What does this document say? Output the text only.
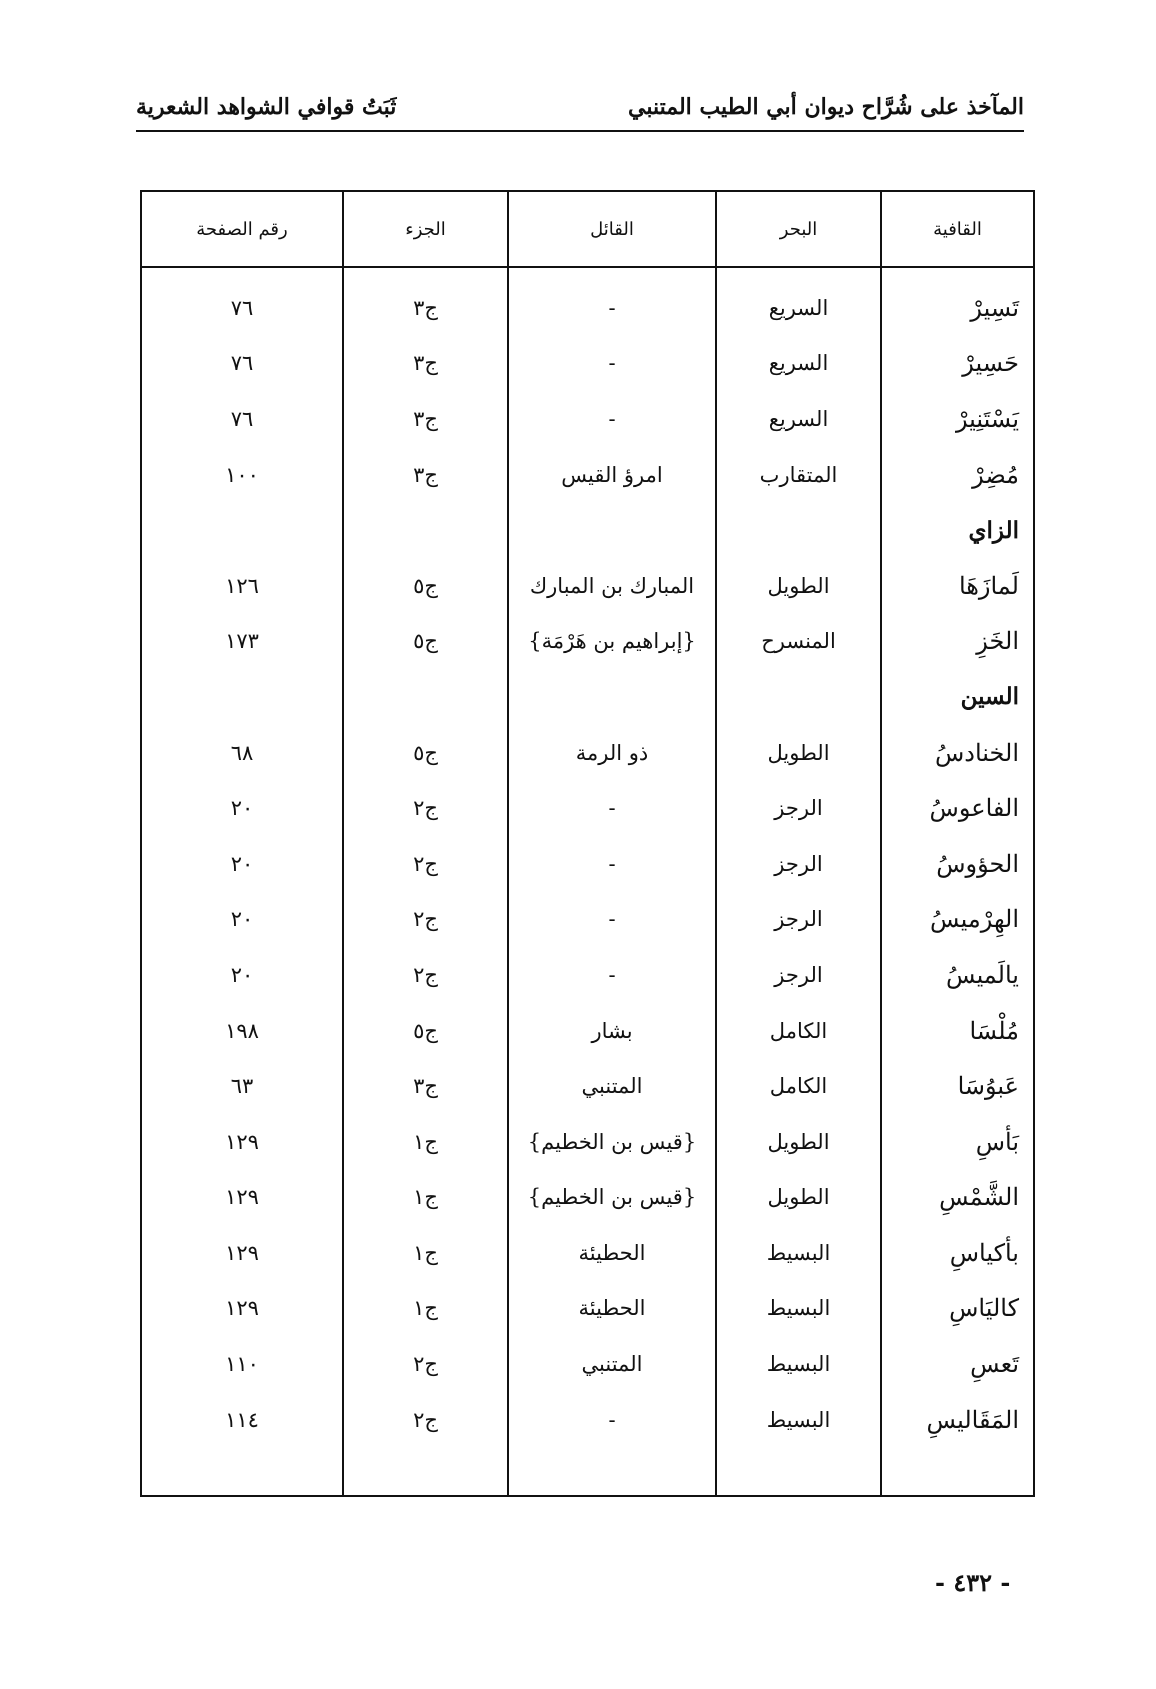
المآخذ على شُرَّاح ديوان أبي الطيب المتنبي
ثَبَتُ قوافي الشواهد الشعرية
القافية	البحر	القائل	الجزء	رقم الصفحة

تَسِيرْ	السريع	-	ج٣	٧٦
حَسِيرْ	السريع	-	ج٣	٧٦
يَسْتَنِيرْ	السريع	-	ج٣	٧٦
مُضِرْ	المتقارب	امرؤ القيس	ج٣	١٠٠
الزاي				
لَمازَهَا	الطويل	المبارك بن المبارك	ج٥	١٢٦
الخَزِ	المنسرح	{إبراهيم بن هَرْمَة}	ج٥	١٧٣
السين				
الخنادسُ	الطويل	ذو الرمة	ج٥	٦٨
الفاعوسُ	الرجز	-	ج٢	٢٠
الحؤوسُ	الرجز	-	ج٢	٢٠
الهِرْميسُ	الرجز	-	ج٢	٢٠
يالَميسُ	الرجز	-	ج٢	٢٠
مُلْسَا	الكامل	بشار	ج٥	١٩٨
عَبوُسَا	الكامل	المتنبي	ج٣	٦٣
بَأسِ	الطويل	{قيس بن الخطيم}	ج١	١٢٩
الشَّمْسِ	الطويل	{قيس بن الخطيم}	ج١	١٢٩
بأكياسِ	البسيط	الحطيئة	ج١	١٢٩
كاليَاسِ	البسيط	الحطيئة	ج١	١٢٩
تَعسِ	البسيط	المتنبي	ج٢	١١٠
المَقَاليسِ	البسيط	-	ج٢	١١٤

- ٤٣٢ -
